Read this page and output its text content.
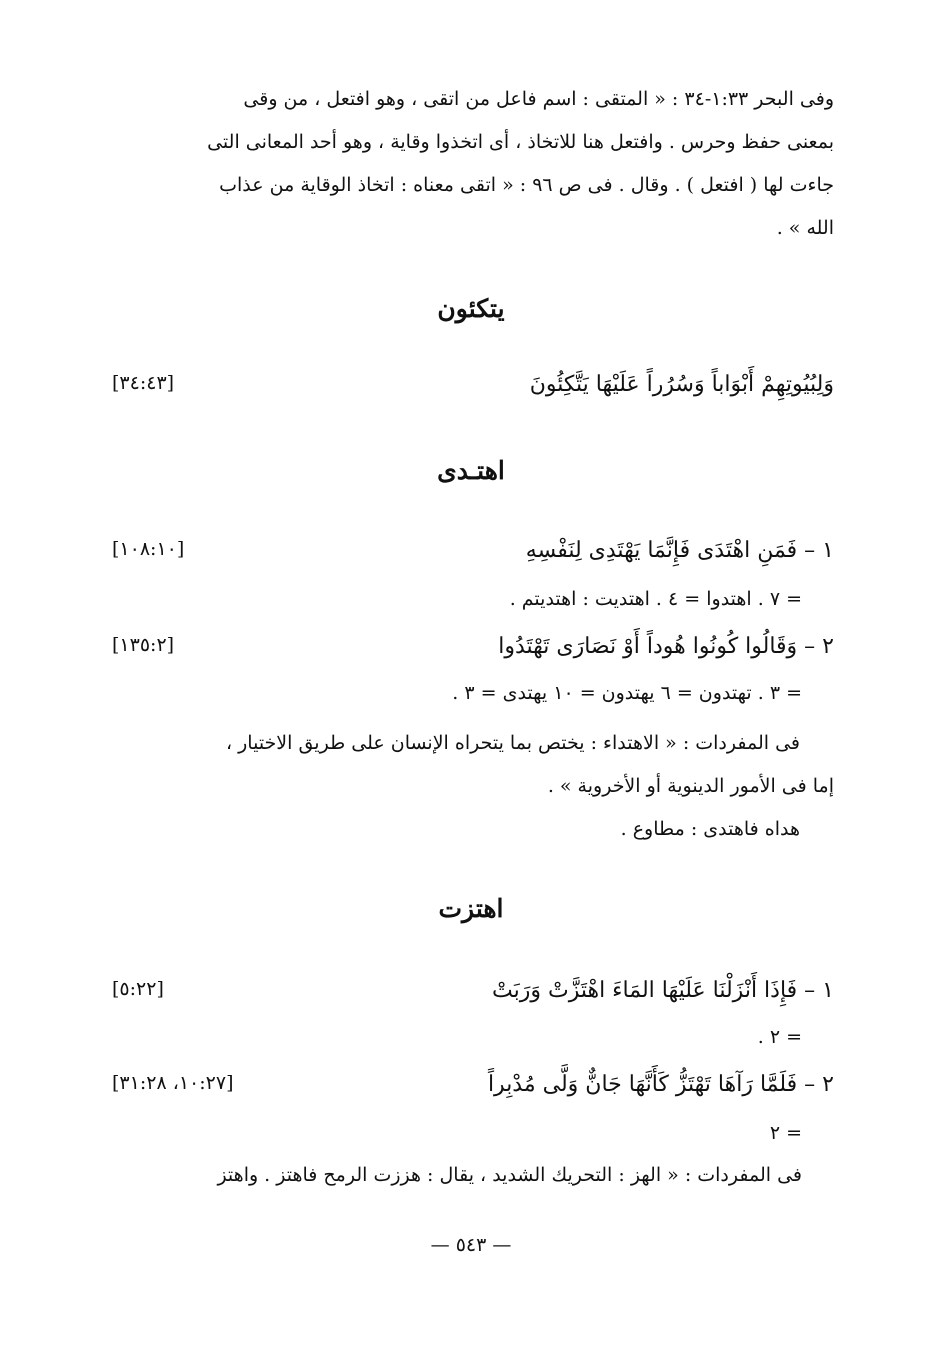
وفى البحر ١:٣٣-٣٤ : « المتقى : اسم فاعل من اتقى ، وهو افتعل ، من وقى
بمعنى حفظ وحرس . وافتعل هنا للاتخاذ ، أى اتخذوا وقاية ، وهو أحد المعانى التى
جاءت لها ( افتعل ) . وقال . فى ص ٩٦ : « اتقى معناه : اتخاذ الوقاية من عذاب
الله » .
يتكئون
وَلِبُيُوتِهِمْ أَبْوَاباً وَسُرُراً عَلَيْهَا يَتَّكِئُونَ
[٣٤:٤٣]
اهتـدى
١ – فَمَنِ اهْتَدَى فَإِنَّمَا يَهْتَدِى لِنَفْسِهِ
[١٠٨:١٠]
= ٧ . اهتدوا = ٤ . اهتديت : اهتديتم .
٢ – وَقَالُوا كُونُوا هُوداً أَوْ نَصَارَى تَهْتَدُوا
[١٣٥:٢]
= ٣ . تهتدون = ٦ يهتدون = ١٠ يهتدى = ٣ .
فى المفردات : « الاهتداء : يختص بما يتحراه الإنسان على طريق الاختيار ،
إما فى الأمور الدينوية أو الأخروية » .
هداه فاهتدى : مطاوع .
اهتزت
١ – فَإِذَا أَنْزَلْنَا عَلَيْهَا المَاءَ اهْتَزَّتْ وَرَبَتْ
[٥:٢٢]
= ٢ .
٢ – فَلَمَّا رَآهَا تَهْتَزُّ كَأَنَّهَا جَانٌّ وَلَّى مُدْبِراً
[١٠:٢٧، ٣١:٢٨]
= ٢
فى المفردات : « الهز : التحريك الشديد ، يقال : هززت الرمح فاهتز . واهتز
— ٥٤٣ —
